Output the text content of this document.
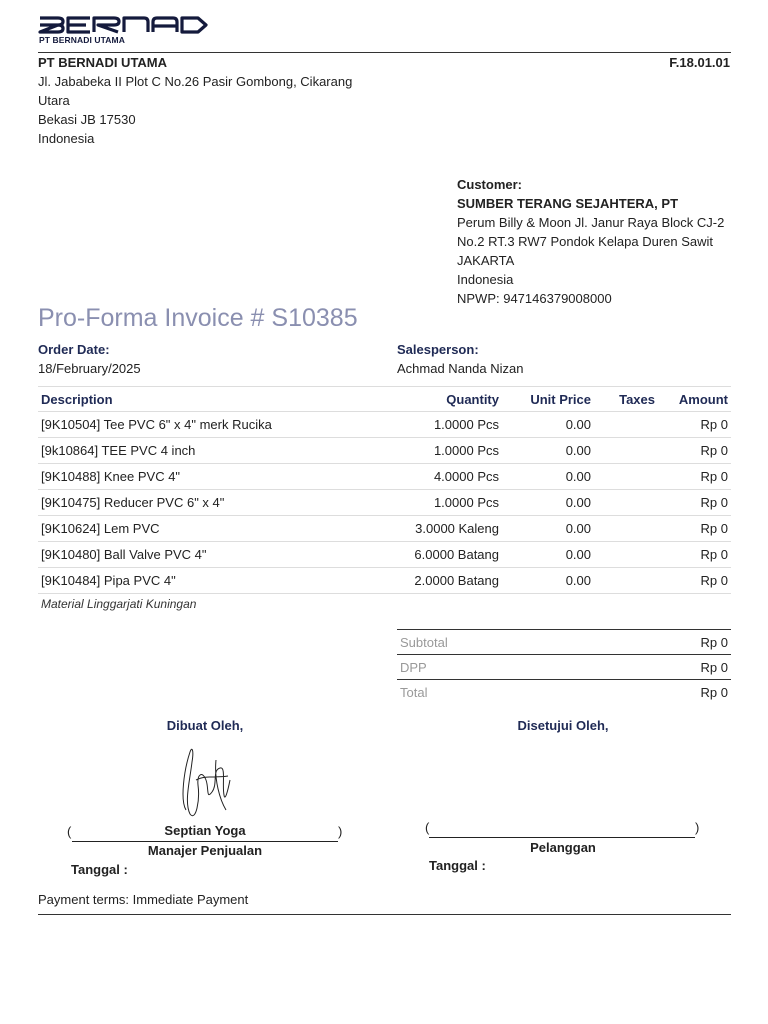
PT BERNADI UTAMA
PT BERNADI UTAMA
Jl. Jababeka II Plot C No.26 Pasir Gombong, Cikarang
Utara
Bekasi JB 17530
Indonesia
F.18.01.01
Customer:
SUMBER TERANG SEJAHTERA, PT
Perum Billy & Moon Jl. Janur Raya Block CJ-2
No.2 RT.3 RW7 Pondok Kelapa Duren Sawit
JAKARTA
Indonesia
NPWP: 947146379008000
Pro-Forma Invoice # S10385
Order Date:
18/February/2025
Salesperson:
Achmad Nanda Nizan
Description	Quantity	Unit Price	Taxes	Amount
[9K10504] Tee PVC 6" x 4" merk Rucika	1.0000 Pcs	0.00		Rp 0
[9k10864] TEE PVC 4 inch	1.0000 Pcs	0.00		Rp 0
[9K10488] Knee PVC 4"	4.0000 Pcs	0.00		Rp 0
[9K10475] Reducer PVC 6" x 4"	1.0000 Pcs	0.00		Rp 0
[9K10624] Lem PVC	3.0000 Kaleng	0.00		Rp 0
[9K10480] Ball Valve PVC 4"	6.0000 Batang	0.00		Rp 0
[9K10484] Pipa PVC 4"	2.0000 Batang	0.00		Rp 0
Material Linggarjati Kuningan
Subtotal	Rp 0
DPP	Rp 0
Total	Rp 0
Dibuat Oleh,
(	Septian Yoga	)
Manajer Penjualan
Tanggal :
Disetujui Oleh,
(	)
Pelanggan
Tanggal :
Payment terms: Immediate Payment
